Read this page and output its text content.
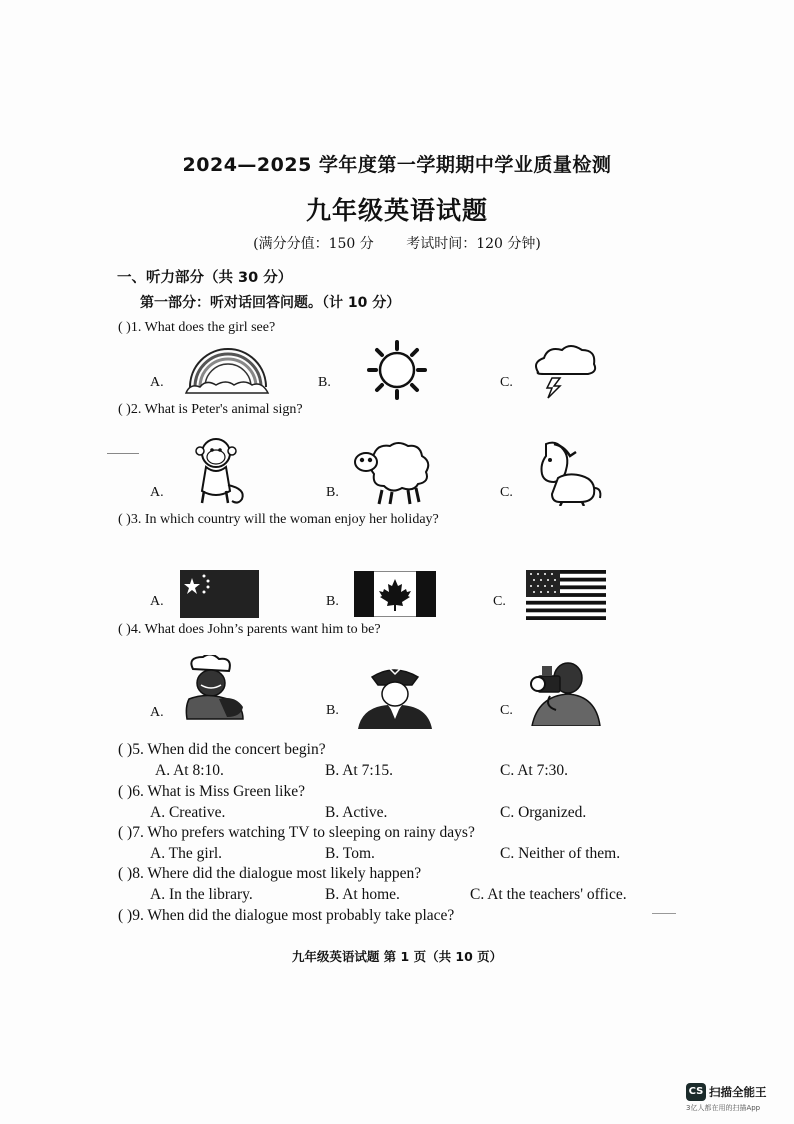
2024—2025 学年度第一学期期中学业质量检测
九年级英语试题
(满分分值：150 分 考试时间：120 分钟)
一、听力部分（共 30 分）
第一部分：听对话回答问题。（计 10 分）
( )1. What does the girl see?
A.	B.	C.
( )2. What is Peter's animal sign?
A.	B.	C.
( )3. In which country will the woman enjoy her holiday?
A.	B.	C.
( )4. What does John’s parents want him to be?
A.	B.	C.
( )5. When did the concert begin?
A. At 8:10.	B. At 7:15.	C. At 7:30.
( )6. What is Miss Green like?
A. Creative.	B. Active.	C. Organized.
( )7. Who prefers watching TV to sleeping on rainy days?
A. The girl.	B. Tom.	C. Neither of them.
( )8. Where did the dialogue most likely happen?
A. In the library.	B. At home.	C. At the teachers' office.
( )9. When did the dialogue most probably take place?
九年级英语试题 第 1 页（共 10 页）
CS 扫描全能王
3亿人都在用的扫描App
